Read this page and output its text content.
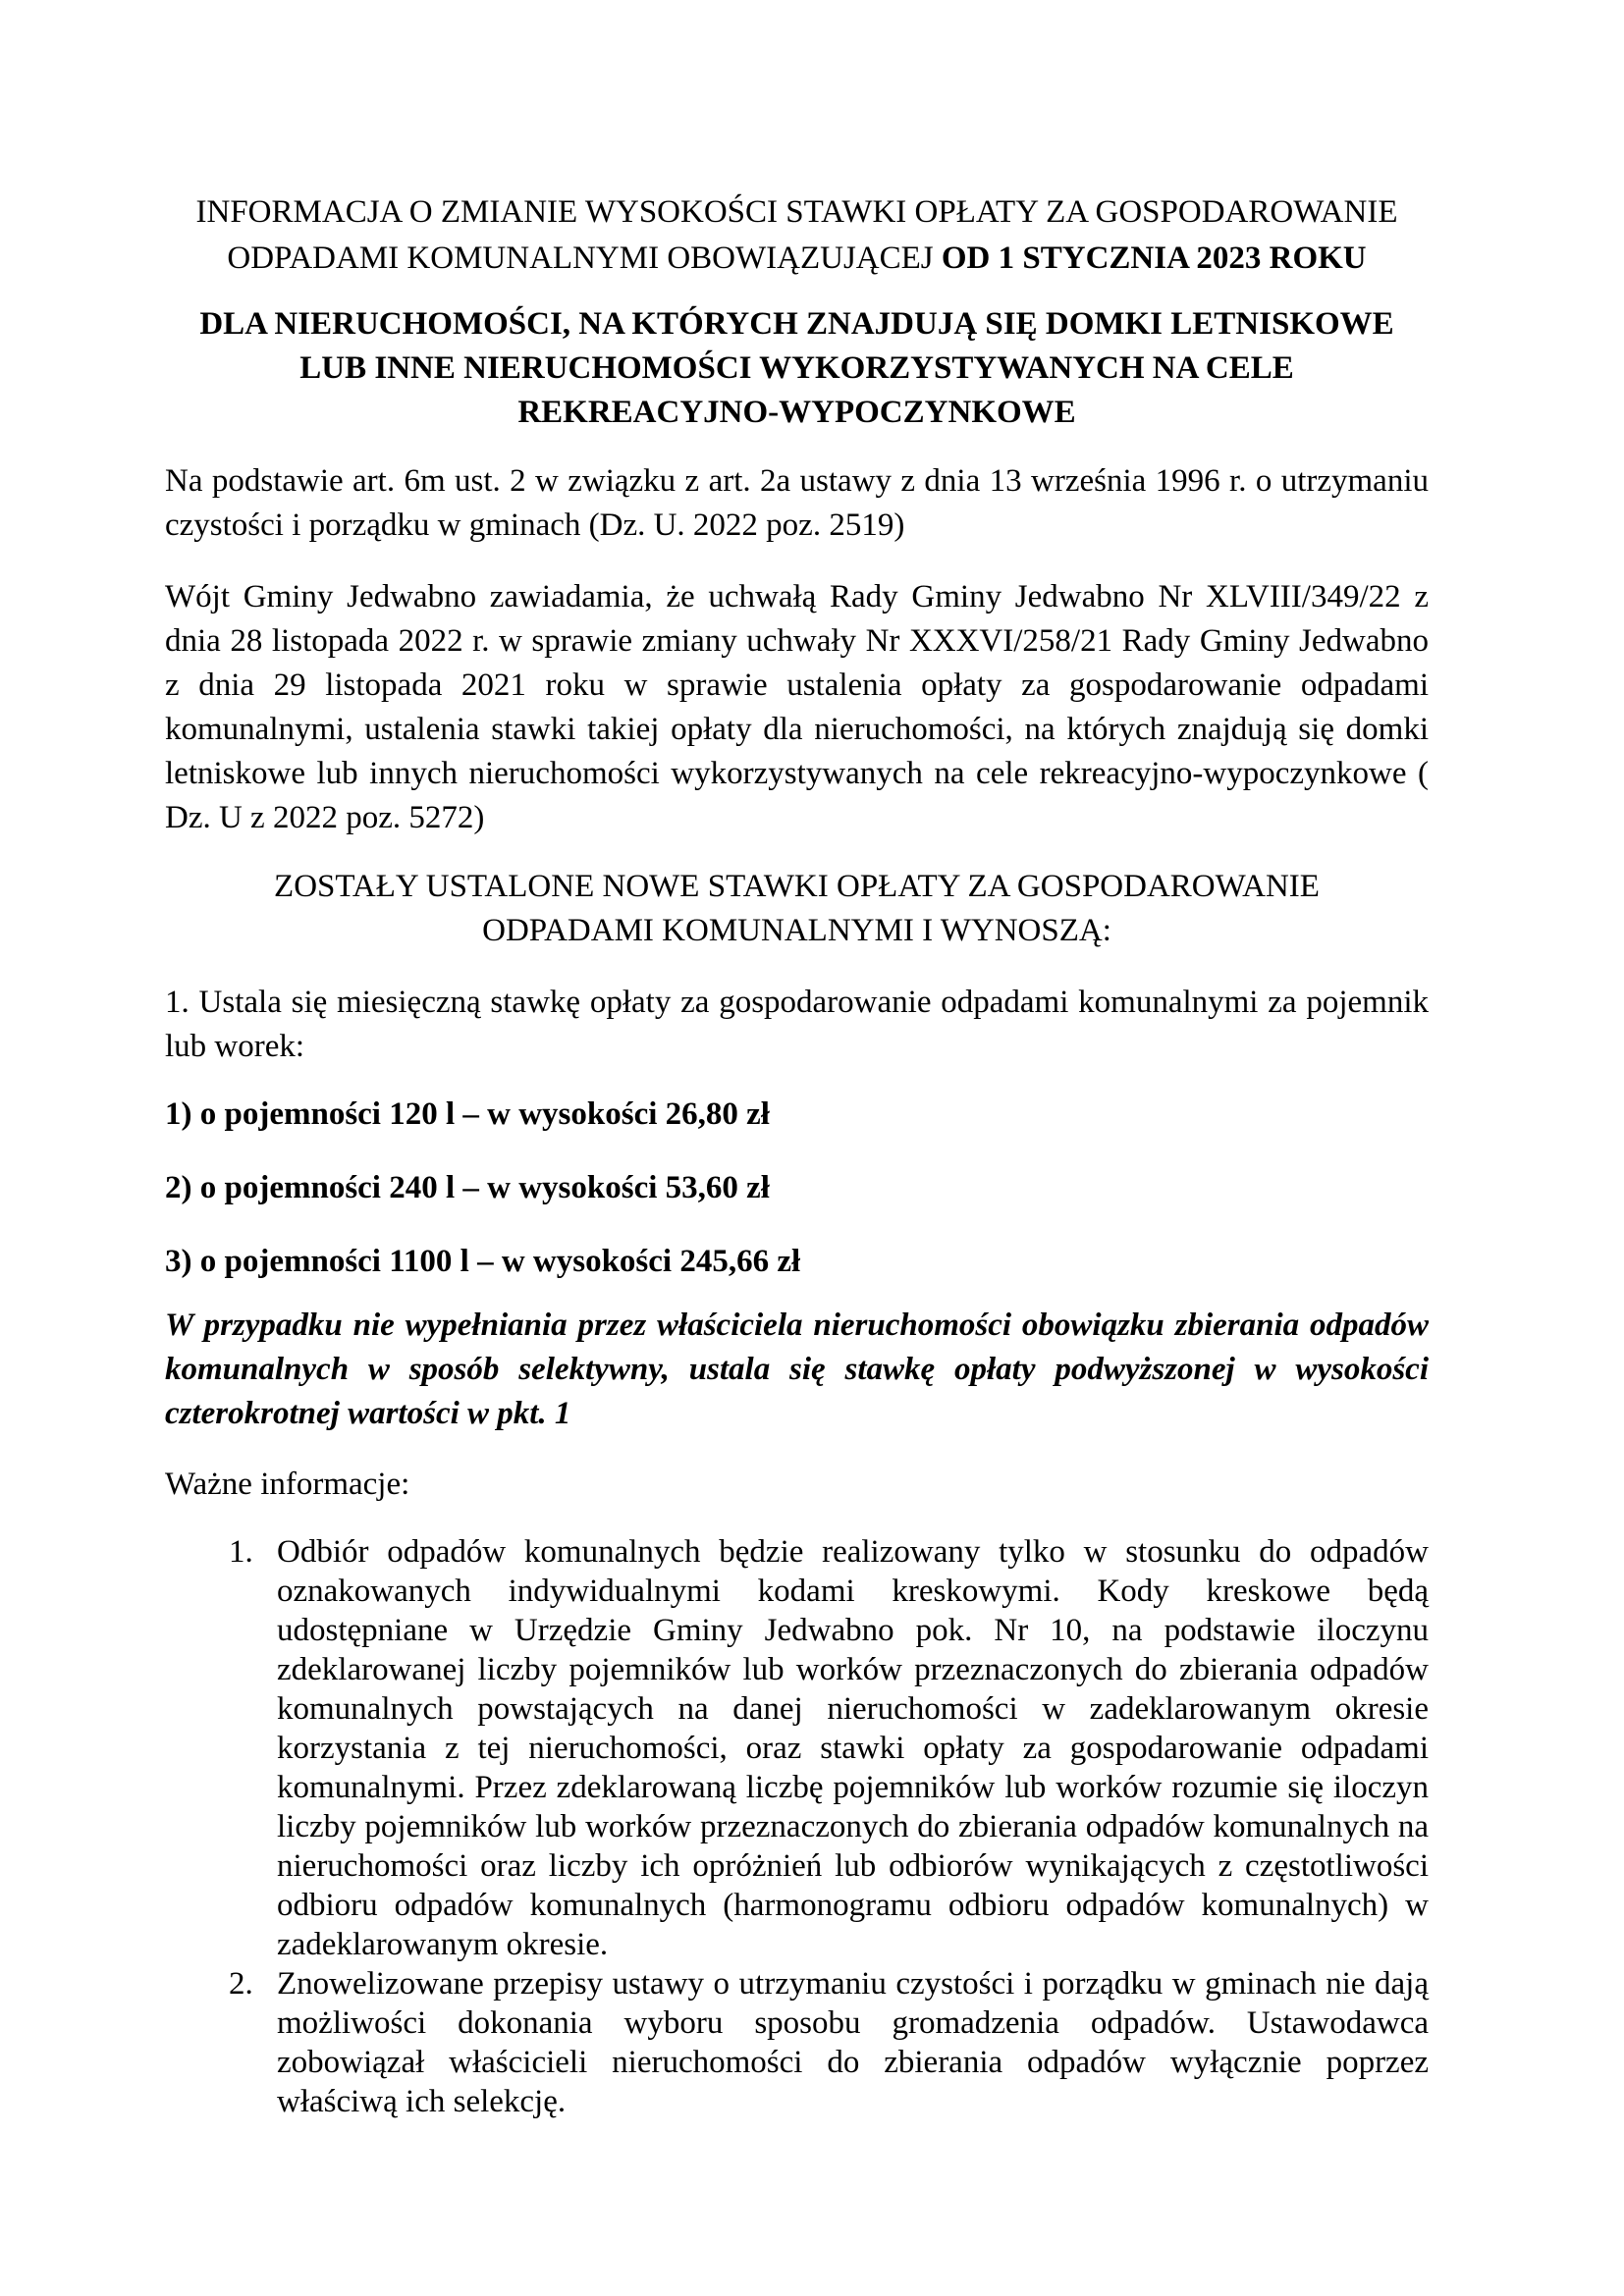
INFORMACJA O ZMIANIE WYSOKOŚCI STAWKI OPŁATY ZA GOSPODAROWANIE
ODPADAMI KOMUNALNYMI OBOWIĄZUJĄCEJ OD 1 STYCZNIA 2023 ROKU
DLA NIERUCHOMOŚCI, NA KTÓRYCH ZNAJDUJĄ SIĘ DOMKI LETNISKOWE
LUB INNE NIERUCHOMOŚCI WYKORZYSTYWANYCH NA CELE
REKREACYJNO-WYPOCZYNKOWE

Na podstawie art. 6m ust. 2 w związku z art. 2a ustawy z dnia 13 września 1996 r. o utrzymaniu czystości i porządku w gminach (Dz. U. 2022 poz. 2519)

Wójt Gminy Jedwabno zawiadamia, że uchwałą Rady Gminy Jedwabno Nr XLVIII/349/22 z dnia 28 listopada 2022 r. w sprawie zmiany uchwały Nr XXXVI/258/21 Rady Gminy Jedwabno z dnia 29 listopada 2021 roku w sprawie ustalenia opłaty za gospodarowanie odpadami komunalnymi, ustalenia stawki takiej opłaty dla nieruchomości, na których znajdują się domki letniskowe lub innych nieruchomości wykorzystywanych na cele rekreacyjno-wypoczynkowe ( Dz. U z 2022 poz. 5272)

ZOSTAŁY USTALONE NOWE STAWKI OPŁATY ZA GOSPODAROWANIE
ODPADAMI KOMUNALNYMI I WYNOSZĄ:

1. Ustala się miesięczną stawkę opłaty za gospodarowanie odpadami komunalnymi za pojemnik lub worek:

1) o pojemności 120 l – w wysokości 26,80 zł

2) o pojemności 240 l – w wysokości 53,60 zł

3) o pojemności 1100 l – w wysokości 245,66 zł

W przypadku nie wypełniania przez właściciela nieruchomości obowiązku zbierania odpadów komunalnych w sposób selektywny, ustala się stawkę opłaty podwyższonej w wysokości czterokrotnej wartości w pkt. 1

Ważne informacje:

1. Odbiór odpadów komunalnych będzie realizowany tylko w stosunku do odpadów oznakowanych indywidualnymi kodami kreskowymi. Kody kreskowe będą udostępniane w Urzędzie Gminy Jedwabno pok. Nr 10, na podstawie iloczynu zdeklarowanej liczby pojemników lub worków przeznaczonych do zbierania odpadów komunalnych powstających na danej nieruchomości w zadeklarowanym okresie korzystania z tej nieruchomości, oraz stawki opłaty za gospodarowanie odpadami komunalnymi. Przez zdeklarowaną liczbę pojemników lub worków rozumie się iloczyn liczby pojemników lub worków przeznaczonych do zbierania odpadów komunalnych na nieruchomości oraz liczby ich opróżnień lub odbiorów wynikających z częstotliwości odbioru odpadów komunalnych (harmonogramu odbioru odpadów komunalnych) w zadeklarowanym okresie.
2. Znowelizowane przepisy ustawy o utrzymaniu czystości i porządku w gminach nie dają możliwości dokonania wyboru sposobu gromadzenia odpadów. Ustawodawca zobowiązał właścicieli nieruchomości do zbierania odpadów wyłącznie poprzez właściwą ich selekcję.
